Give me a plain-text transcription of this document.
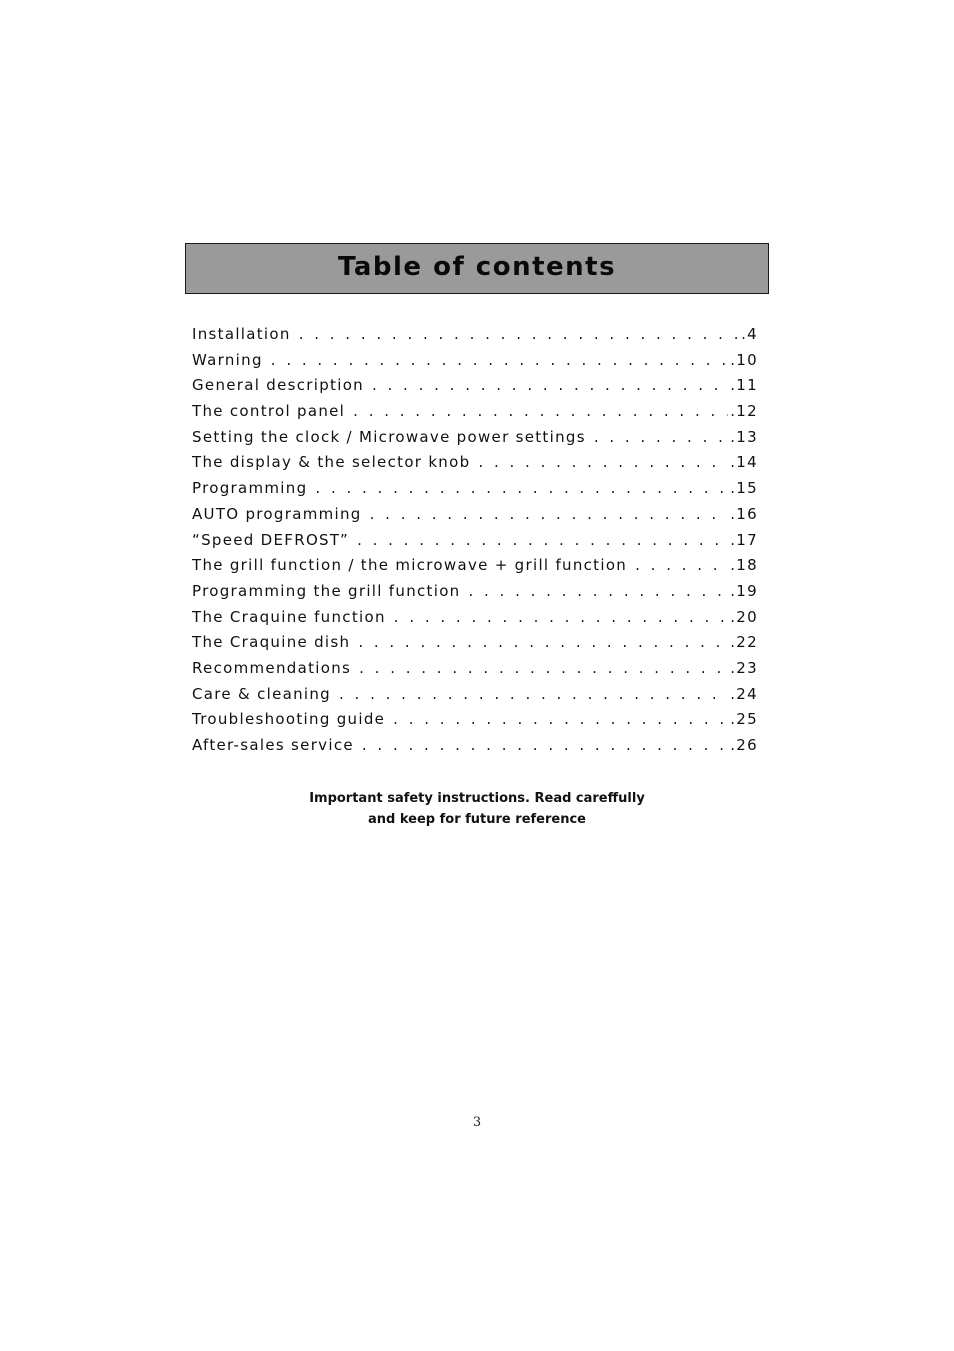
Table of contents
Installation . . .	.4
Warning . . .	.10
General description . . .	.11
The control panel . . .	.12
Setting the clock / Microwave power settings . . .	.13
The display & the selector knob . . .	.14
Programming . . .	.15
AUTO programming . . .	.16
“Speed DEFROST” . . .	.17
The grill function / the microwave + grill function . . .	.18
Programming the grill function . . .	.19
The Craquine function . . .	.20
The Craquine dish . . .	.22
Recommendations . . .	.23
Care & cleaning . . .	.24
Troubleshooting guide . . .	.25
After-sales service . . .	.26
Important safety instructions. Read careffully
and keep for future reference
3
